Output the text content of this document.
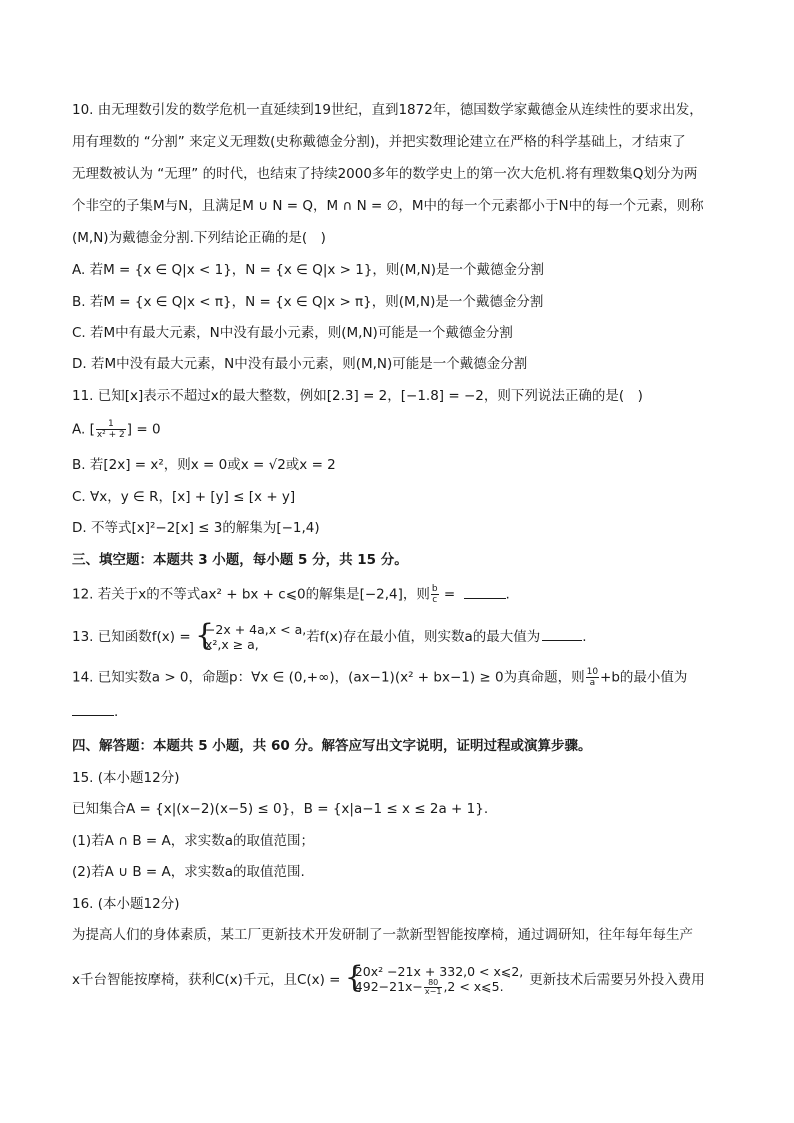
10. 由无理数引发的数学危机一直延续到19世纪，直到1872年，德国数学家戴德金从连续性的要求出发，
用有理数的 “分割” 来定义无理数(史称戴德金分割)，并把实数理论建立在严格的科学基础上，才结束了
无理数被认为 “无理” 的时代，也结束了持续2000多年的数学史上的第一次大危机.将有理数集Q划分为两
个非空的子集M与N，且满足M ∪ N = Q，M ∩ N = ∅，M中的每一个元素都小于N中的每一个元素，则称
(M,N)为戴德金分割.下列结论正确的是(　)
A. 若M = {x ∈ Q|x < 1}，N = {x ∈ Q|x > 1}，则(M,N)是一个戴德金分割
B. 若M = {x ∈ Q|x < π}，N = {x ∈ Q|x > π}，则(M,N)是一个戴德金分割
C. 若M中有最大元素，N中没有最小元素，则(M,N)可能是一个戴德金分割
D. 若M中没有最大元素，N中没有最小元素，则(M,N)可能是一个戴德金分割
11. 已知[x]表示不超过x的最大整数，例如[2.3] = 2，[−1.8] = −2，则下列说法正确的是(　)
A. [ $\frac{1}{\text{x² + 2}}$ ] = 0
B. 若[2x] = x²，则x = 0或x = √2或x = 2
C. ∀x，y ∈ R，[x] + [y] ≤ [x + y]
D. 不等式[x]²−2[x] ≤ 3的解集为[−1,4)
三、填空题：本题共 3 小题，每小题 5 分，共 15 分。
12. 若关于x的不等式ax² + bx + c⩽0的解集是[−2,4]，则 $\frac{b}{c}$ =	.
13. 已知函数f(x) = {
−2x + 4a,x < a,
x²,x ≥ a,	若f(x)存在最小值，则实数a的最大值为	.
14. 已知实数a > 0，命题p：∀x ∈ (0,+∞)，(ax−1)(x² + bx−1) ≥ 0为真命题，则 $\frac{10}{a} +b$的最小值为
.
四、解答题：本题共 5 小题，共 60 分。解答应写出文字说明，证明过程或演算步骤。
15. (本小题12分)
已知集合A = {x|(x−2)(x−5) ≤ 0}，B = {x|a−1 ≤ x ≤ 2a + 1}.
(1)若A ∩ B = A，求实数a的取值范围；
(2)若A ∪ B = A，求实数a的取值范围.
16. (本小题12分)
为提高人们的身体素质，某工厂更新技术开发研制了一款新型智能按摩椅，通过调研知，往年每年每生产
x千台智能按摩椅，获利C(x)千元，且C(x) = {
20x² −21x + 332,0 < x⩽2,
$492-21x- \frac{80}{x-1} ,2$ < x⩽5.	更新技术后需要另外投入费用
